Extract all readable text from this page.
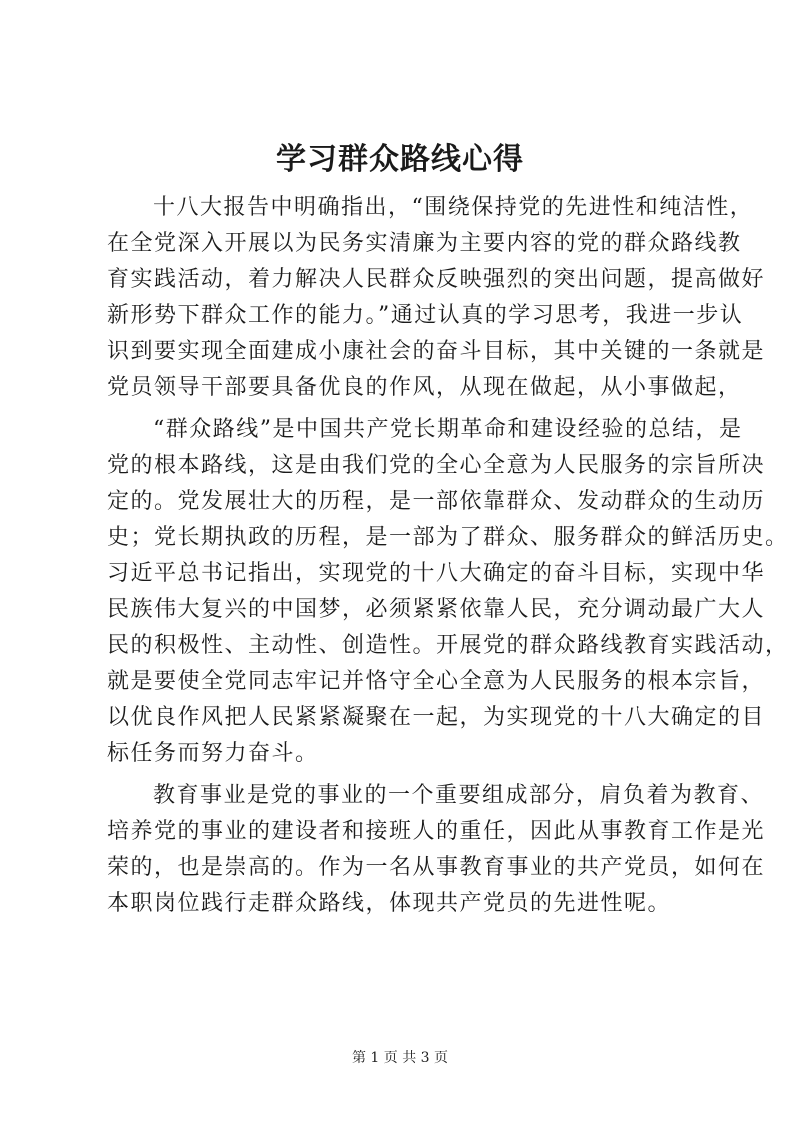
学习群众路线心得

十八大报告中明确指出，“围绕保持党的先进性和纯洁性，
在全党深入开展以为民务实清廉为主要内容的党的群众路线教
育实践活动，着力解决人民群众反映强烈的突出问题，提高做好
新形势下群众工作的能力。”通过认真的学习思考，我进一步认
识到要实现全面建成小康社会的奋斗目标，其中关键的一条就是
党员领导干部要具备优良的作风，从现在做起，从小事做起，

“群众路线”是中国共产党长期革命和建设经验的总结，是
党的根本路线，这是由我们党的全心全意为人民服务的宗旨所决
定的。党发展壮大的历程，是一部依靠群众、发动群众的生动历
史；党长期执政的历程，是一部为了群众、服务群众的鲜活历史。
习近平总书记指出，实现党的十八大确定的奋斗目标，实现中华
民族伟大复兴的中国梦，必须紧紧依靠人民，充分调动最广大人
民的积极性、主动性、创造性。开展党的群众路线教育实践活动，
就是要使全党同志牢记并恪守全心全意为人民服务的根本宗旨，
以优良作风把人民紧紧凝聚在一起，为实现党的十八大确定的目
标任务而努力奋斗。

教育事业是党的事业的一个重要组成部分，肩负着为教育、
培养党的事业的建设者和接班人的重任，因此从事教育工作是光
荣的，也是崇高的。作为一名从事教育事业的共产党员，如何在
本职岗位践行走群众路线，体现共产党员的先进性呢。

第 1 页 共 3 页
